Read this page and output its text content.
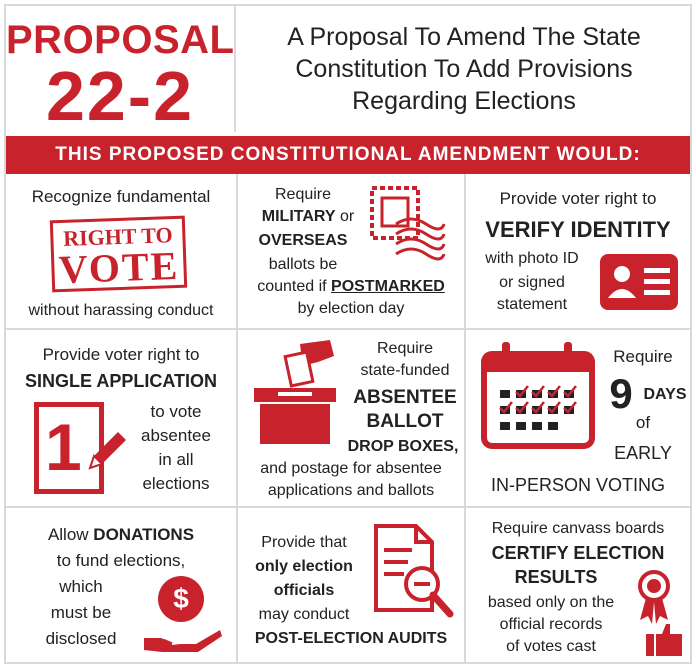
PROPOSAL
22-2
A Proposal To Amend The State Constitution To Add Provisions Regarding Elections
THIS PROPOSED CONSTITUTIONAL AMENDMENT WOULD:
Recognize fundamental
RIGHT TO
VOTE
without harassing conduct
Require
MILITARY or
OVERSEAS
ballots be
counted if POSTMARKED
by election day
Provide voter right to
VERIFY IDENTITY
with photo ID
or signed
statement
Provide voter right to
SINGLE APPLICATION
to vote
absentee
in all
elections
1
Require
state-funded
ABSENTEE
BALLOT
DROP BOXES,
and postage for absentee
applications and ballots
Require
9 DAYS
of
EARLY
IN-PERSON VOTING
Allow DONATIONS
to fund elections,
which
must be
disclosed
$
Provide that
only election
officials
may conduct
POST-ELECTION AUDITS
Require canvass boards
CERTIFY ELECTION
RESULTS
based only on the
official records
of votes cast
